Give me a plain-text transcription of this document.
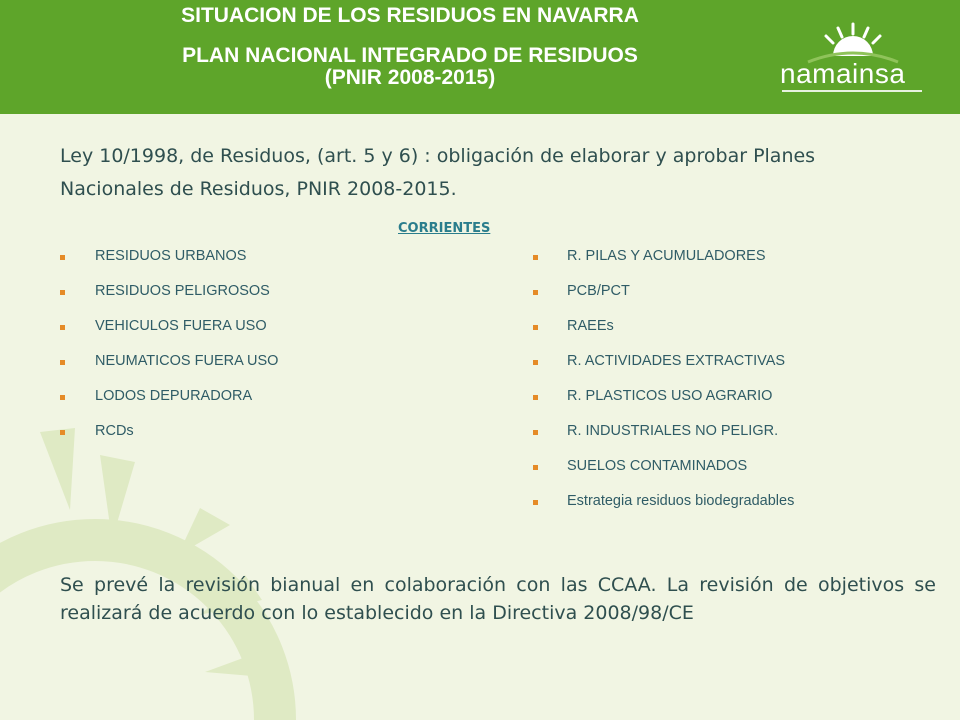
SITUACION DE LOS RESIDUOS EN NAVARRA
PLAN NACIONAL INTEGRADO DE RESIDUOS
(PNIR 2008-2015)	namainsa
Ley 10/1998, de Residuos, (art. 5 y 6) : obligación de elaborar y aprobar Planes Nacionales de Residuos, PNIR 2008-2015.
CORRIENTES
RESIDUOS URBANOS
RESIDUOS PELIGROSOS
VEHICULOS FUERA USO
NEUMATICOS FUERA USO
LODOS DEPURADORA
RCDs
R. PILAS Y ACUMULADORES
PCB/PCT
RAEEs
R. ACTIVIDADES EXTRACTIVAS
R. PLASTICOS USO AGRARIO
R. INDUSTRIALES NO PELIGR.
SUELOS CONTAMINADOS
Estrategia residuos biodegradables
Se prevé la revisión bianual en colaboración con las CCAA. La revisión de objetivos se realizará de acuerdo con lo establecido en la Directiva 2008/98/CE
